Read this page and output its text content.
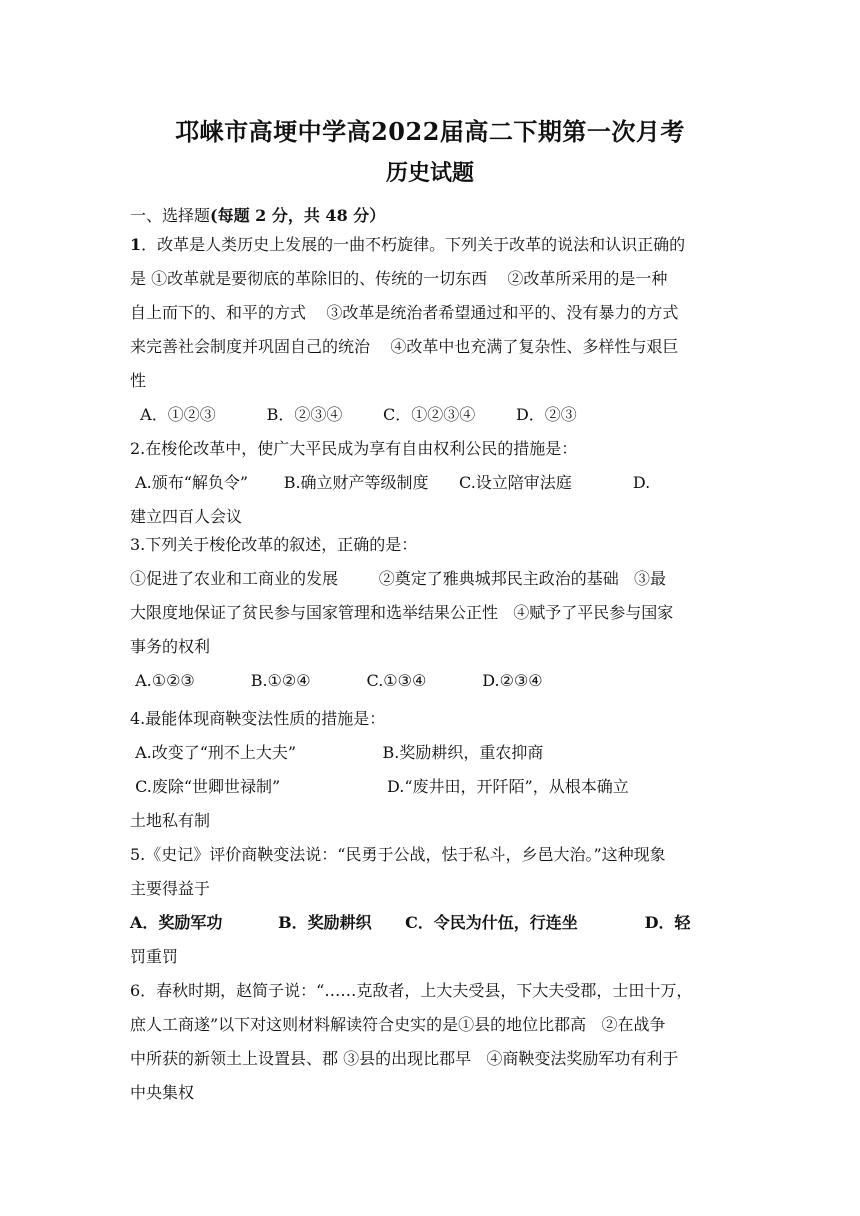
邛崃市高埂中学高2022届高二下期第一次月考
历史试题
一、选择题(每题 2 分，共 48 分）
1．改革是人类历史上发展的一曲不朽旋律。下列关于改革的说法和认识正确的
是 ①改革就是要彻底的革除旧的、传统的一切东西    ②改革所采用的是一种
自上而下的、和平的方式    ③改革是统治者希望通过和平的、没有暴力的方式
来完善社会制度并巩固自己的统治    ④改革中也充满了复杂性、多样性与艰巨
性
A．①②③          B．②③④        C．①②③④        D．②③
2.在梭伦改革中，使广大平民成为享有自由权利公民的措施是：
A.颁布“解负令”       B.确立财产等级制度      C.设立陪审法庭            D.
建立四百人会议
3.下列关于梭伦改革的叙述，正确的是：
①促进了农业和工商业的发展        ②奠定了雅典城邦民主政治的基础   ③最
大限度地保证了贫民参与国家管理和选举结果公正性   ④赋予了平民参与国家
事务的权利
A.①②③           B.①②④           C.①③④           D.②③④
4.最能体现商鞅变法性质的措施是：
A.改变了“刑不上大夫”                 B.奖励耕织，重农抑商
C.废除“世卿世禄制”                     D.“废井田，开阡陌”，从根本确立
土地私有制
5.《史记》评价商鞅变法说：“民勇于公战，怯于私斗，乡邑大治。”这种现象
主要得益于
A．奖励军功          B．奖励耕织      C．令民为什伍，行连坐            D．轻
罚重罚
6．春秋时期，赵简子说：“……克敌者，上大夫受县，下大夫受郡，士田十万，
庶人工商遂”以下对这则材料解读符合史实的是①县的地位比郡高   ②在战争
中所获的新领土上设置县、郡 ③县的出现比郡早   ④商鞅变法奖励军功有利于
中央集权
